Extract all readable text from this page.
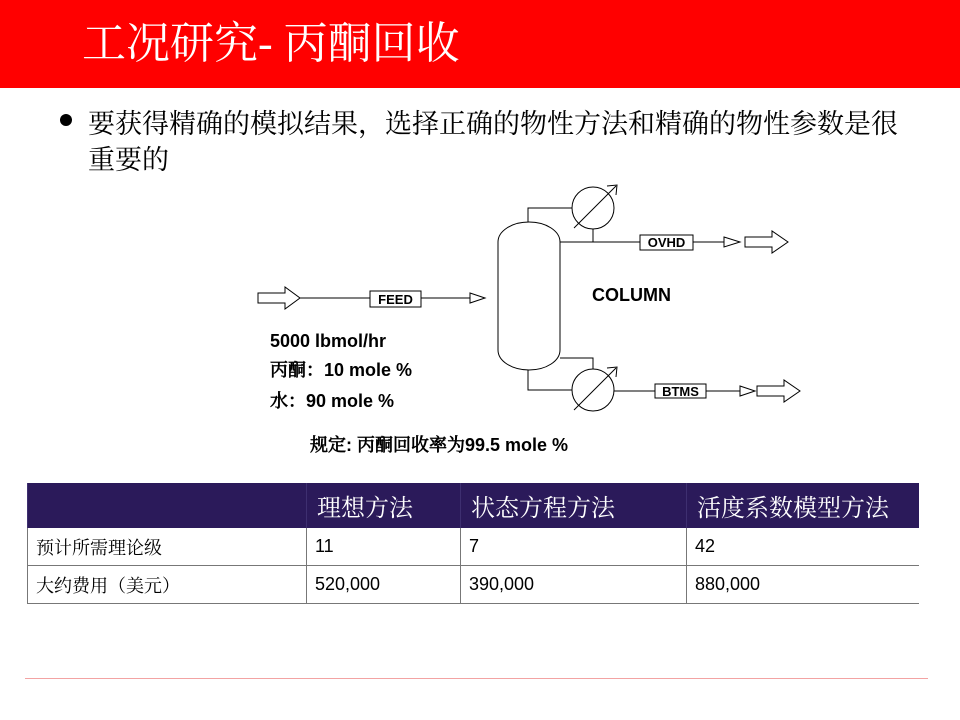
工况研究- 丙酮回收
要获得精确的模拟结果，选择正确的物性方法和精确的物性参数是很重要的
FEED
OVHD
BTMS
COLUMN
5000 lbmol/hr
丙酮：10 mole %
水：90 mole %
规定: 丙酮回收率为99.5 mole %
	理想方法	状态方程方法	活度系数模型方法
预计所需理论级	11	7	42
大约费用（美元）	520,000	390,000	880,000
